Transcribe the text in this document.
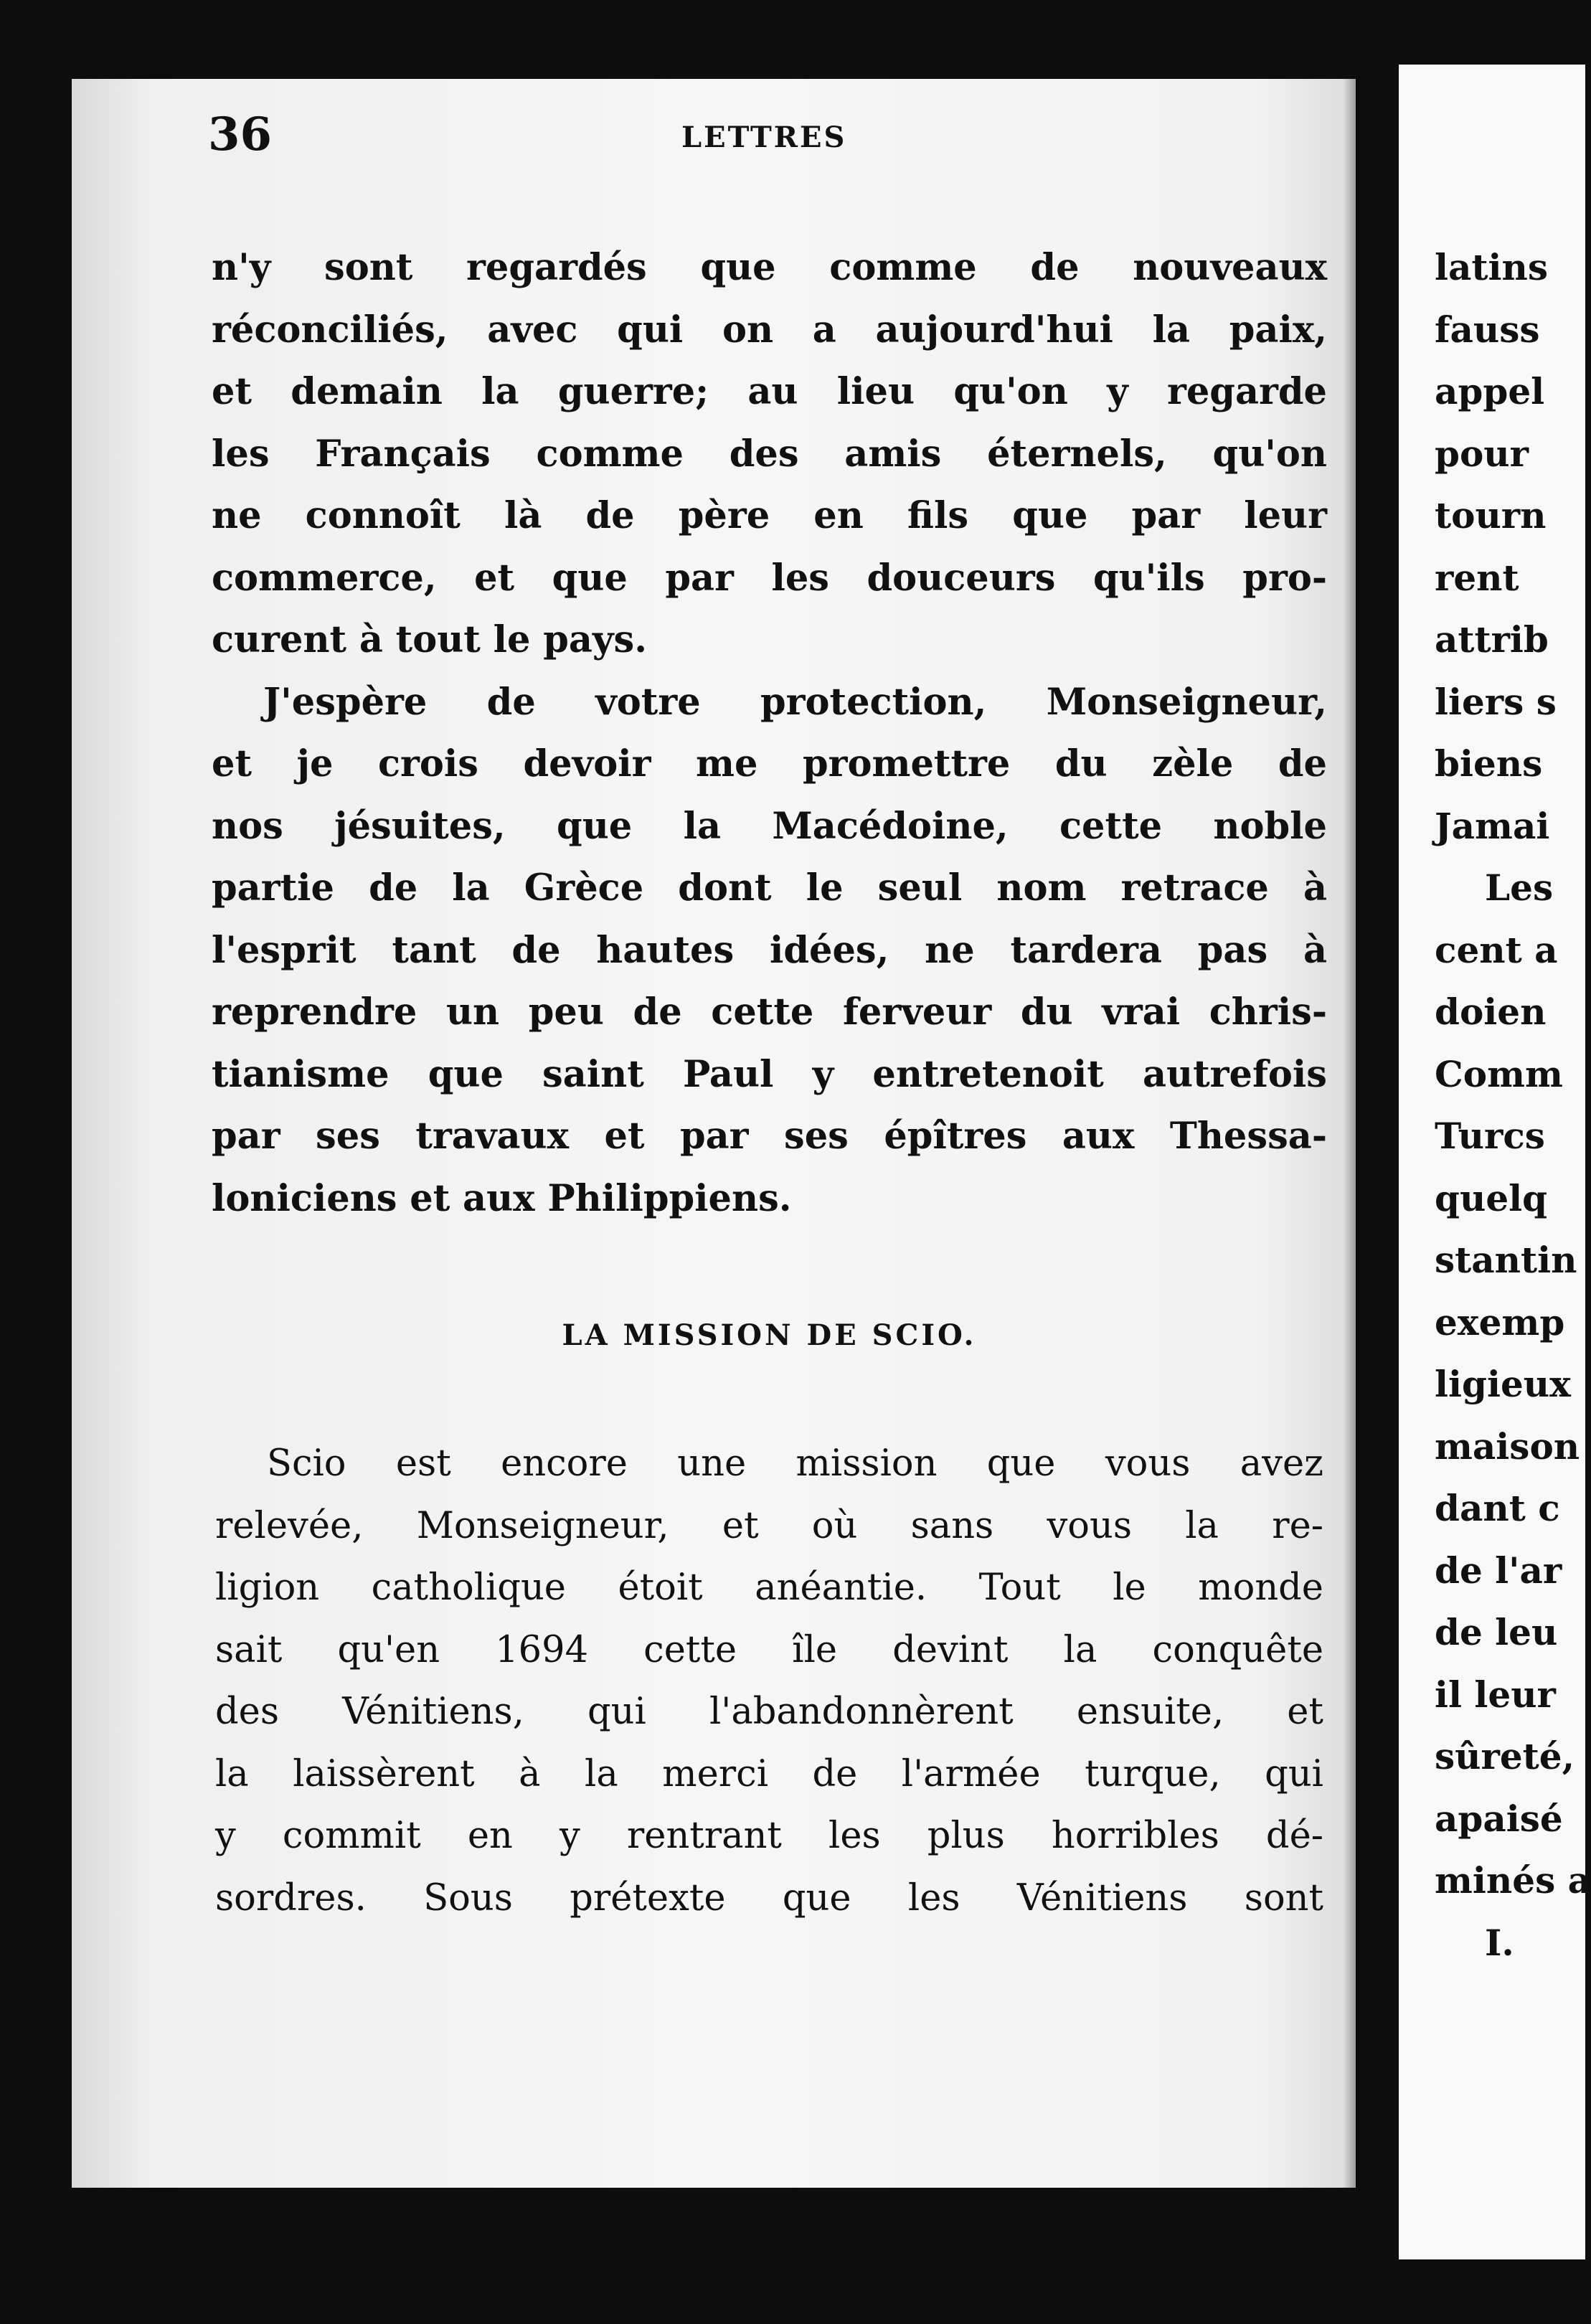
36	LETTRES
n'y sont regardés que comme de nouveaux
réconciliés, avec qui on a aujourd'hui la paix,
et demain la guerre; au lieu qu'on y regarde
les Français comme des amis éternels, qu'on
ne connoît là de père en fils que par leur
commerce, et que par les douceurs qu'ils pro-
curent à tout le pays.
J'espère de votre protection, Monseigneur,
et je crois devoir me promettre du zèle de
nos jésuites, que la Macédoine, cette noble
partie de la Grèce dont le seul nom retrace à
l'esprit tant de hautes idées, ne tardera pas à
reprendre un peu de cette ferveur du vrai chris-
tianisme que saint Paul y entretenoit autrefois
par ses travaux et par ses épîtres aux Thessa-
loniciens et aux Philippiens.
LA MISSION DE SCIO.
Scio est encore une mission que vous avez
relevée, Monseigneur, et où sans vous la re-
ligion catholique étoit anéantie. Tout le monde
sait qu'en 1694 cette île devint la conquête
des Vénitiens, qui l'abandonnèrent ensuite, et
la laissèrent à la merci de l'armée turque, qui
y commit en y rentrant les plus horribles dé-
sordres. Sous prétexte que les Vénitiens sont
latins
fauss
appel
pour
tourn
rent
attrib
liers s
biens
Jamai
Les
cent a
doien
Comm
Turcs
quelq
stantin
exemp
ligieux
maison
dant c
de l'ar
de leu
il leur
sûreté,
apaisé
minés a
I.
